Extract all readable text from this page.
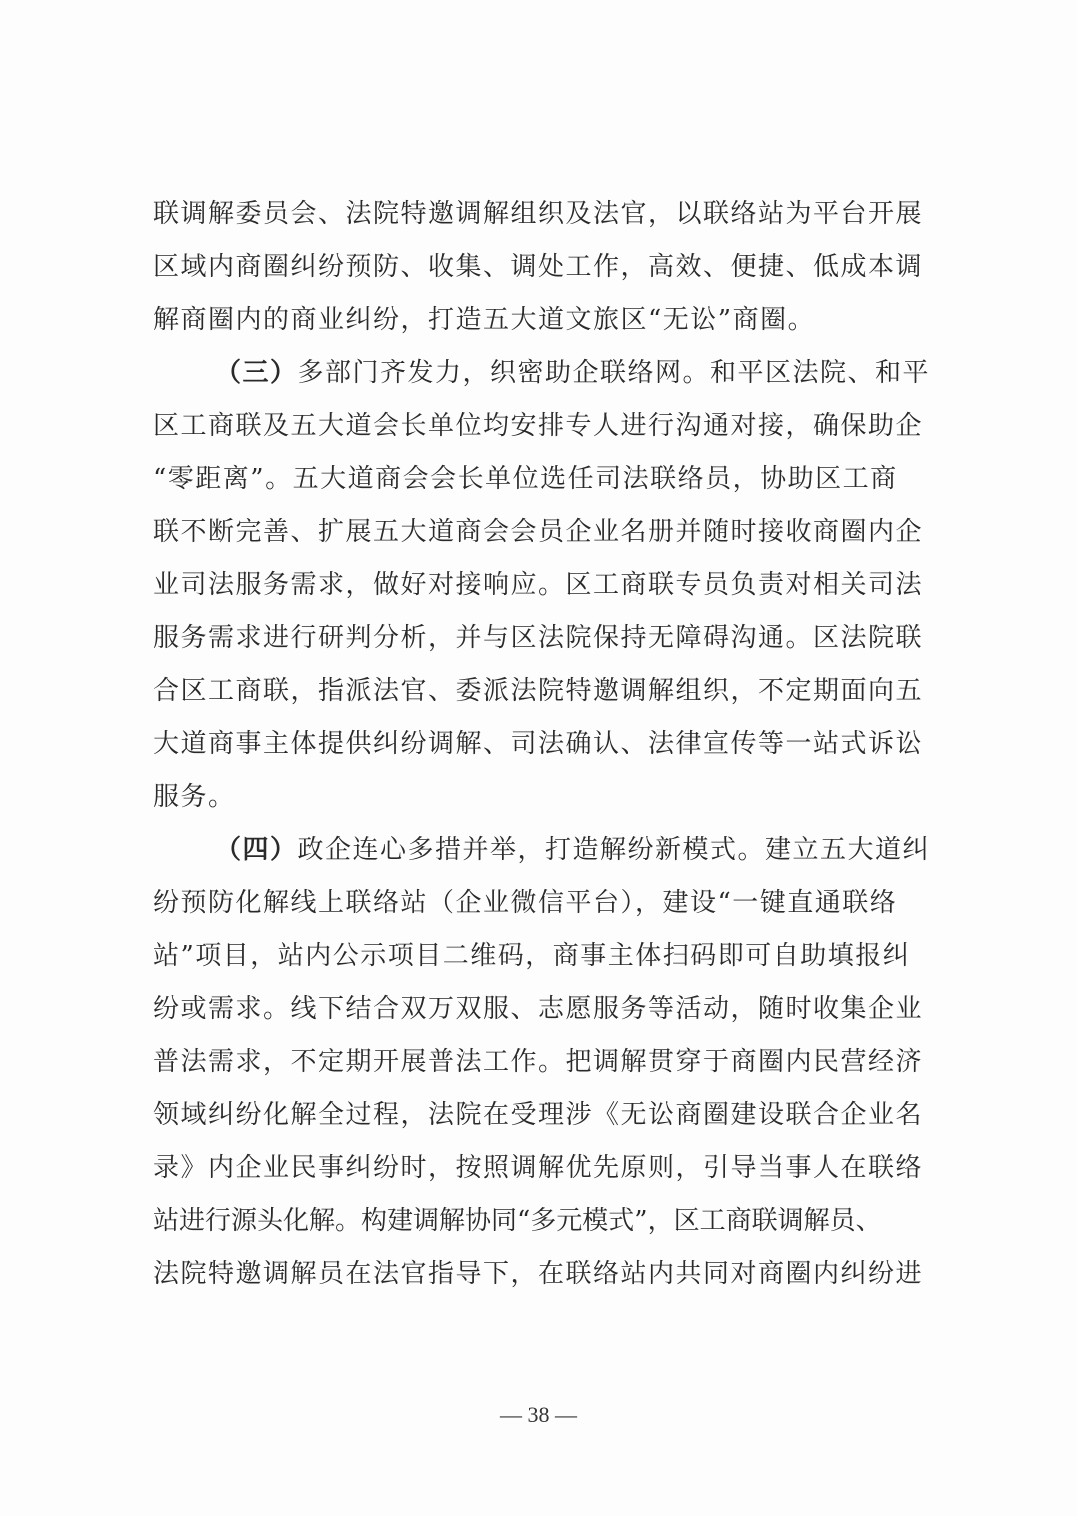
联调解委员会、法院特邀调解组织及法官，以联络站为平台开展
区域内商圈纠纷预防、收集、调处工作，高效、便捷、低成本调
解商圈内的商业纠纷，打造五大道文旅区“无讼”商圈。
（三）多部门齐发力，织密助企联络网。和平区法院、和平
区工商联及五大道会长单位均安排专人进行沟通对接，确保助企
“零距离”。五大道商会会长单位选任司法联络员，协助区工商
联不断完善、扩展五大道商会会员企业名册并随时接收商圈内企
业司法服务需求，做好对接响应。区工商联专员负责对相关司法
服务需求进行研判分析，并与区法院保持无障碍沟通。区法院联
合区工商联，指派法官、委派法院特邀调解组织，不定期面向五
大道商事主体提供纠纷调解、司法确认、法律宣传等一站式诉讼
服务。
（四）政企连心多措并举，打造解纷新模式。建立五大道纠
纷预防化解线上联络站（企业微信平台），建设“一键直通联络
站”项目，站内公示项目二维码，商事主体扫码即可自助填报纠
纷或需求。线下结合双万双服、志愿服务等活动，随时收集企业
普法需求，不定期开展普法工作。把调解贯穿于商圈内民营经济
领域纠纷化解全过程，法院在受理涉《无讼商圈建设联合企业名
录》内企业民事纠纷时，按照调解优先原则，引导当事人在联络
站进行源头化解。构建调解协同“多元模式”，区工商联调解员、
法院特邀调解员在法官指导下，在联络站内共同对商圈内纠纷进
— 38 —
